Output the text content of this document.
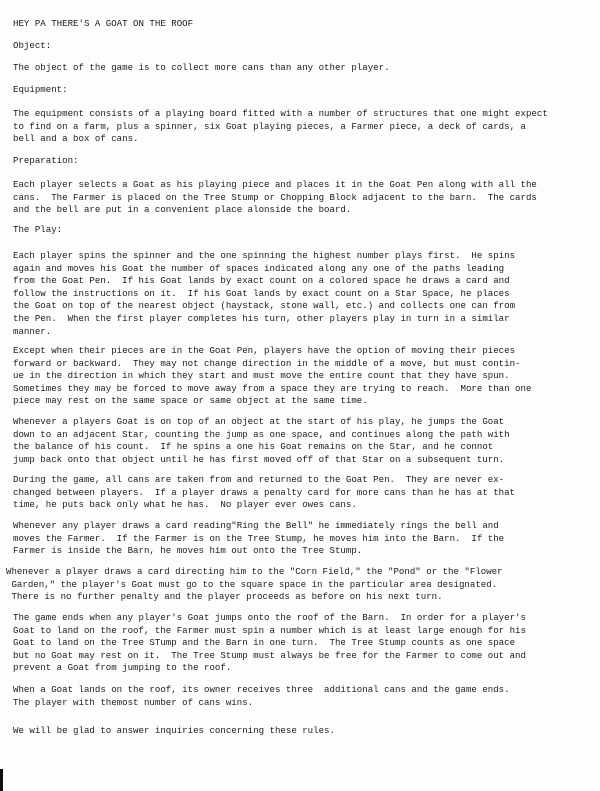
HEY PA THERE'S A GOAT ON THE ROOF

Object:

The object of the game is to collect more cans than any other player.

Equipment:

The equipment consists of a playing board fitted with a number of structures that one might expect
to find on a farm, plus a spinner, six Goat playing pieces, a Farmer piece, a deck of cards, a
bell and a box of cans.

Preparation:

Each player selects a Goat as his playing piece and places it in the Goat Pen along with all the
cans.  The Farmer is placed on the Tree Stump or Chopping Block adjacent to the barn.  The cards
and the bell are put in a convenient place alonside the board.

The Play:

Each player spins the spinner and the one spinning the highest number plays first.  He spins
again and moves his Goat the number of spaces indicated along any one of the paths leading
from the Goat Pen.  If his Goat lands by exact count on a colored space he draws a card and
follow the instructions on it.  If his Goat lands by exact count on a Star Space, he places
the Goat on top of the nearest object (haystack, stone wall, etc.) and collects one can from
the Pen.  When the first player completes his turn, other players play in turn in a similar
manner.

Except when their pieces are in the Goat Pen, players have the option of moving their pieces
forward or backward.  They may not change direction in the middle of a move, but must contin-
ue in the direction in which they start and must move the entire count that they have spun.
Sometimes they may be forced to move away from a space they are trying to reach.  More than one
piece may rest on the same space or same object at the same time.

Whenever a players Goat is on top of an object at the start of his play, he jumps the Goat
down to an adjacent Star, counting the jump as one space, and continues along the path with
the balance of his count.  If he spins a one his Goat remains on the Star, and he connot
jump back onto that object until he has first moved off of that Star on a subsequent turn.

During the game, all cans are taken from and returned to the Goat Pen.  They are never ex-
changed between players.  If a player draws a penalty card for more cans than he has at that
time, he puts back only what he has.  No player ever owes cans.

Whenever any player draws a card reading"Ring the Bell" he immediately rings the bell and
moves the Farmer.  If the Farmer is on the Tree Stump, he moves him into the Barn.  If the
Farmer is inside the Barn, he moves him out onto the Tree Stump.

Whenever a player draws a card directing him to the "Corn Field," the "Pond" or the "Flower
Garden," the player's Goat must go to the square space in the particular area designated.
There is no further penalty and the player proceeds as before on his next turn.

The game ends when any player's Goat jumps onto the roof of the Barn.  In order for a player's
Goat to land on the roof, the Farmer must spin a number which is at least large enough for his
Goat to land on the Tree STump and the Barn in one turn.  The Tree Stump counts as one space
but no Goat may rest on it.  The Tree Stump must always be free for the Farmer to come out and
prevent a Goat from jumping to the roof.

When a Goat lands on the roof, its owner receives three  additional cans and the game ends.
The player with themost number of cans wins.

We will be glad to answer inquiries concerning these rules.
